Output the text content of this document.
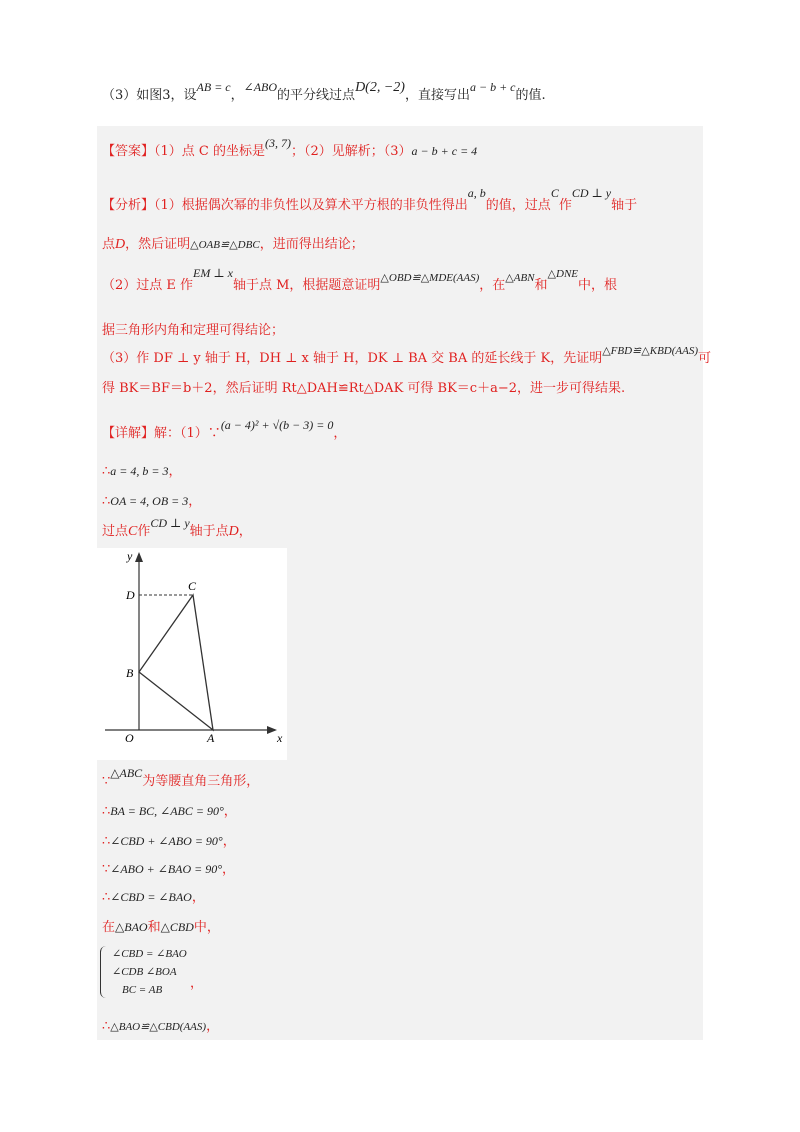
（3）如图3，设AB = c，∠ABO的平分线过点D(2, −2)，直接写出a − b + c的值.
【答案】（1）点 C 的坐标是(3, 7)；（2）见解析；（3）a − b + c = 4
【分析】（1）根据偶次幂的非负性以及算术平方根的非负性得出a, b的值，过点C作CD ⊥ y轴于
点D，然后证明△OAB≌△DBC，进而得出结论；
（2）过点 E 作EM ⊥ x轴于点 M，根据题意证明$^{\triangle OBD≌\triangle MDE(AAS)}$，在$^{\triangle ABN}$和$^{\triangle DNE}$中，根
据三角形内角和定理可得结论；
（3）作 DF ⊥ y 轴于 H，DH ⊥ x 轴于 H，DK ⊥ BA 交 BA 的延长线于 K，先证明$^{\triangle FBD≌\triangle KBD(AAS)}$可
得 BK＝BF＝b＋2，然后证明 Rt△DAH≌Rt△DAK 可得 BK＝c＋a−2，进一步可得结果.
【详解】解：（1）∵(a − 4)² + √(b − 3) = 0，
∴a = 4, b = 3，
∴OA = 4, OB = 3，
过点C作CD ⊥ y轴于点D，
y
C
D
B
O	A	x
∵△ABC为等腰直角三角形，
∴BA = BC, ∠ABC = 90°，
∴∠CBD + ∠ABO = 90°，
∵∠ABO + ∠BAO = 90°，
∴∠CBD = ∠BAO，
在△BAO和△CBD中，
∠CBD = ∠BAO
∠CDB ∠BOA
BC = AB	，
∴△BAO≌△CBD(AAS)，
